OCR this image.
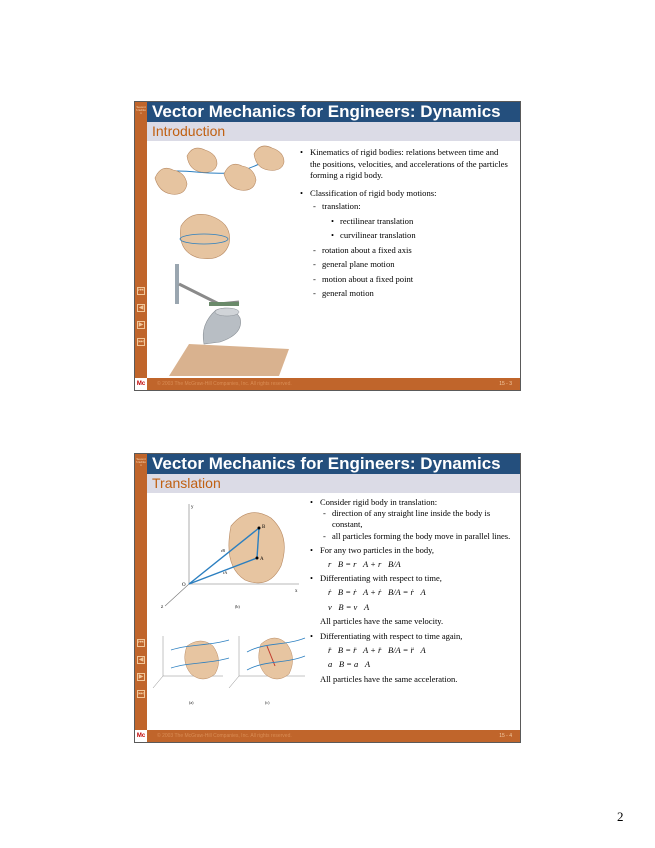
Seventh Edition
⏮
◀
▶
⏭
Vector Mechanics for Engineers: Dynamics
Introduction
• Kinematics of rigid bodies: relations between time and the positions, velocities, and accelerations of the particles forming a rigid body.
• Classification of rigid body motions:
- translation:
• rectilinear translation
• curvilinear translation
- rotation about a fixed axis
- general plane motion
- motion about a fixed point
- general motion
© 2003 The McGraw-Hill Companies, Inc. All rights reserved.	15 - 3
Mc
Seventh Edition
⏮
◀
▶
⏭
Vector Mechanics for Engineers: Dynamics
Translation
y
x
z
O
B
A
rB
rA
(b)
(a)	(c)
• Consider rigid body in translation:
- direction of any straight line inside the body is constant,
- all particles forming the body move in parallel lines.
• For any two particles in the body,
r⃗B = r⃗A + r⃗B/A
• Differentiating with respect to time,
ṙ⃗B = ṙ⃗A + ṙ⃗B/A = ṙ⃗A
v⃗B = v⃗A
All particles have the same velocity.
• Differentiating with respect to time again,
r̈⃗B = r̈⃗A + r̈⃗B/A = r̈⃗A
a⃗B = a⃗A
All particles have the same acceleration.
© 2003 The McGraw-Hill Companies, Inc. All rights reserved.	15 - 4
Mc
2
